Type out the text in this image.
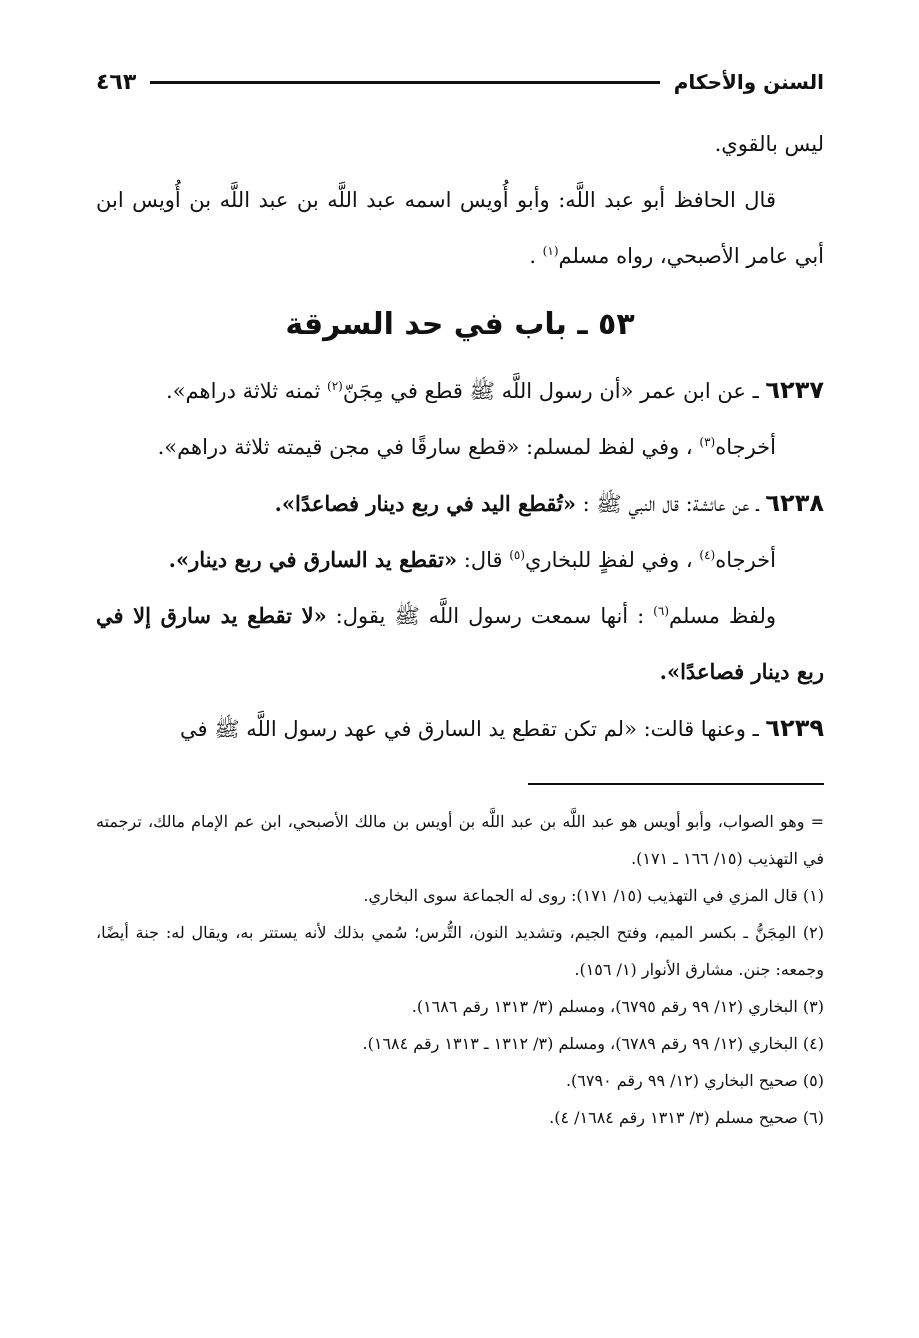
السنن والأحكام
٤٦٣

ليس بالقوي.

قال الحافظ أبو عبد اللَّه: وأبو أُويس اسمه عبد اللَّه بن عبد اللَّه بن أُويس ابن أبي عامر الأصبحي، رواه مسلم$^{(١)}$ .

٥٣ ـ باب في حد السرقة

٦٢٣٧ ـ عن ابن عمر «أن رسول اللَّه ﷺ قطع في مِجَنّ$^{(٢)}$ ثمنه ثلاثة دراهم».

أخرجاه$^{(٣)}$ ، وفي لفظ لمسلم: «قطع سارقًا في مجن قيمته ثلاثة دراهم».

٦٢٣٨ ـ عن عائشة: قال النبي ﷺ : «تُقطع اليد في ربع دينار فصاعدًا».

أخرجاه$^{(٤)}$ ، وفي لفظٍ للبخاري$^{(٥)}$ قال: «تقطع يد السارق في ربع دينار».

ولفظ مسلم$^{(٦)}$ : أنها سمعت رسول اللَّه ﷺ يقول: «لا تقطع يد سارق إلا في ربع دينار فصاعدًا».

٦٢٣٩ ـ وعنها قالت: «لم تكن تقطع يد السارق في عهد رسول اللَّه ﷺ في

= وهو الصواب، وأبو أويس هو عبد اللَّه بن عبد اللَّه بن أويس بن مالك الأصبحي، ابن عم الإمام مالك، ترجمته في التهذيب (١٥/ ١٦٦ ـ ١٧١).

(١) قال المزي في التهذيب (١٥/ ١٧١): روى له الجماعة سوى البخاري.

(٢) المِجَنُّ ـ بكسر الميم، وفتح الجيم، وتشديد النون، التُّرس؛ سُمي بذلك لأنه يستتر به، ويقال له: جنة أيضًا، وجمعه: جنن. مشارق الأنوار (١/ ١٥٦).

(٣) البخاري (١٢/ ٩٩ رقم ٦٧٩٥)، ومسلم (٣/ ١٣١٣ رقم ١٦٨٦).

(٤) البخاري (١٢/ ٩٩ رقم ٦٧٨٩)، ومسلم (٣/ ١٣١٢ ـ ١٣١٣ رقم ١٦٨٤).

(٥) صحيح البخاري (١٢/ ٩٩ رقم ٦٧٩٠).

(٦) صحيح مسلم (٣/ ١٣١٣ رقم ١٦٨٤/ ٤).
